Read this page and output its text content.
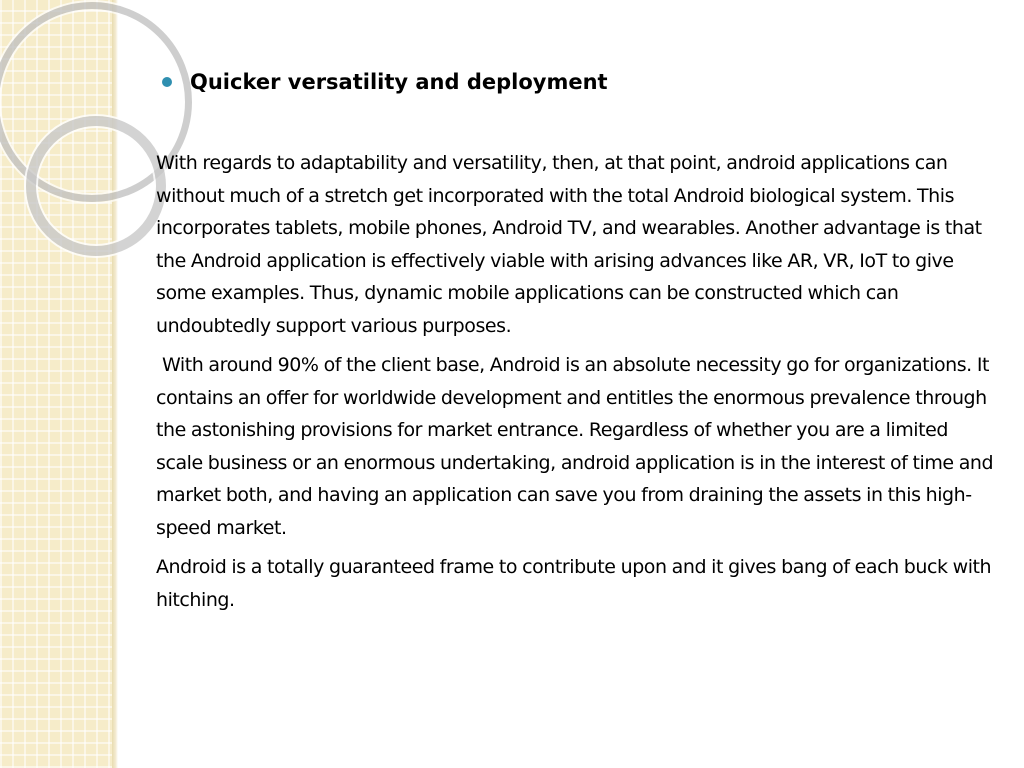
Quicker versatility and deployment

With regards to adaptability and versatility, then, at that point, android applications can without much of a stretch get incorporated with the total Android biological system. This incorporates tablets, mobile phones, Android TV, and wearables. Another advantage is that the Android application is effectively viable with arising advances like AR, VR, IoT to give some examples. Thus, dynamic mobile applications can be constructed which can undoubtedly support various purposes.

With around 90% of the client base, Android is an absolute necessity go for organizations. It contains an offer for worldwide development and entitles the enormous prevalence through the astonishing provisions for market entrance. Regardless of whether you are a limited scale business or an enormous undertaking, android application is in the interest of time and market both, and having an application can save you from draining the assets in this high-speed market.

Android is a totally guaranteed frame to contribute upon and it gives bang of each buck with hitching.
